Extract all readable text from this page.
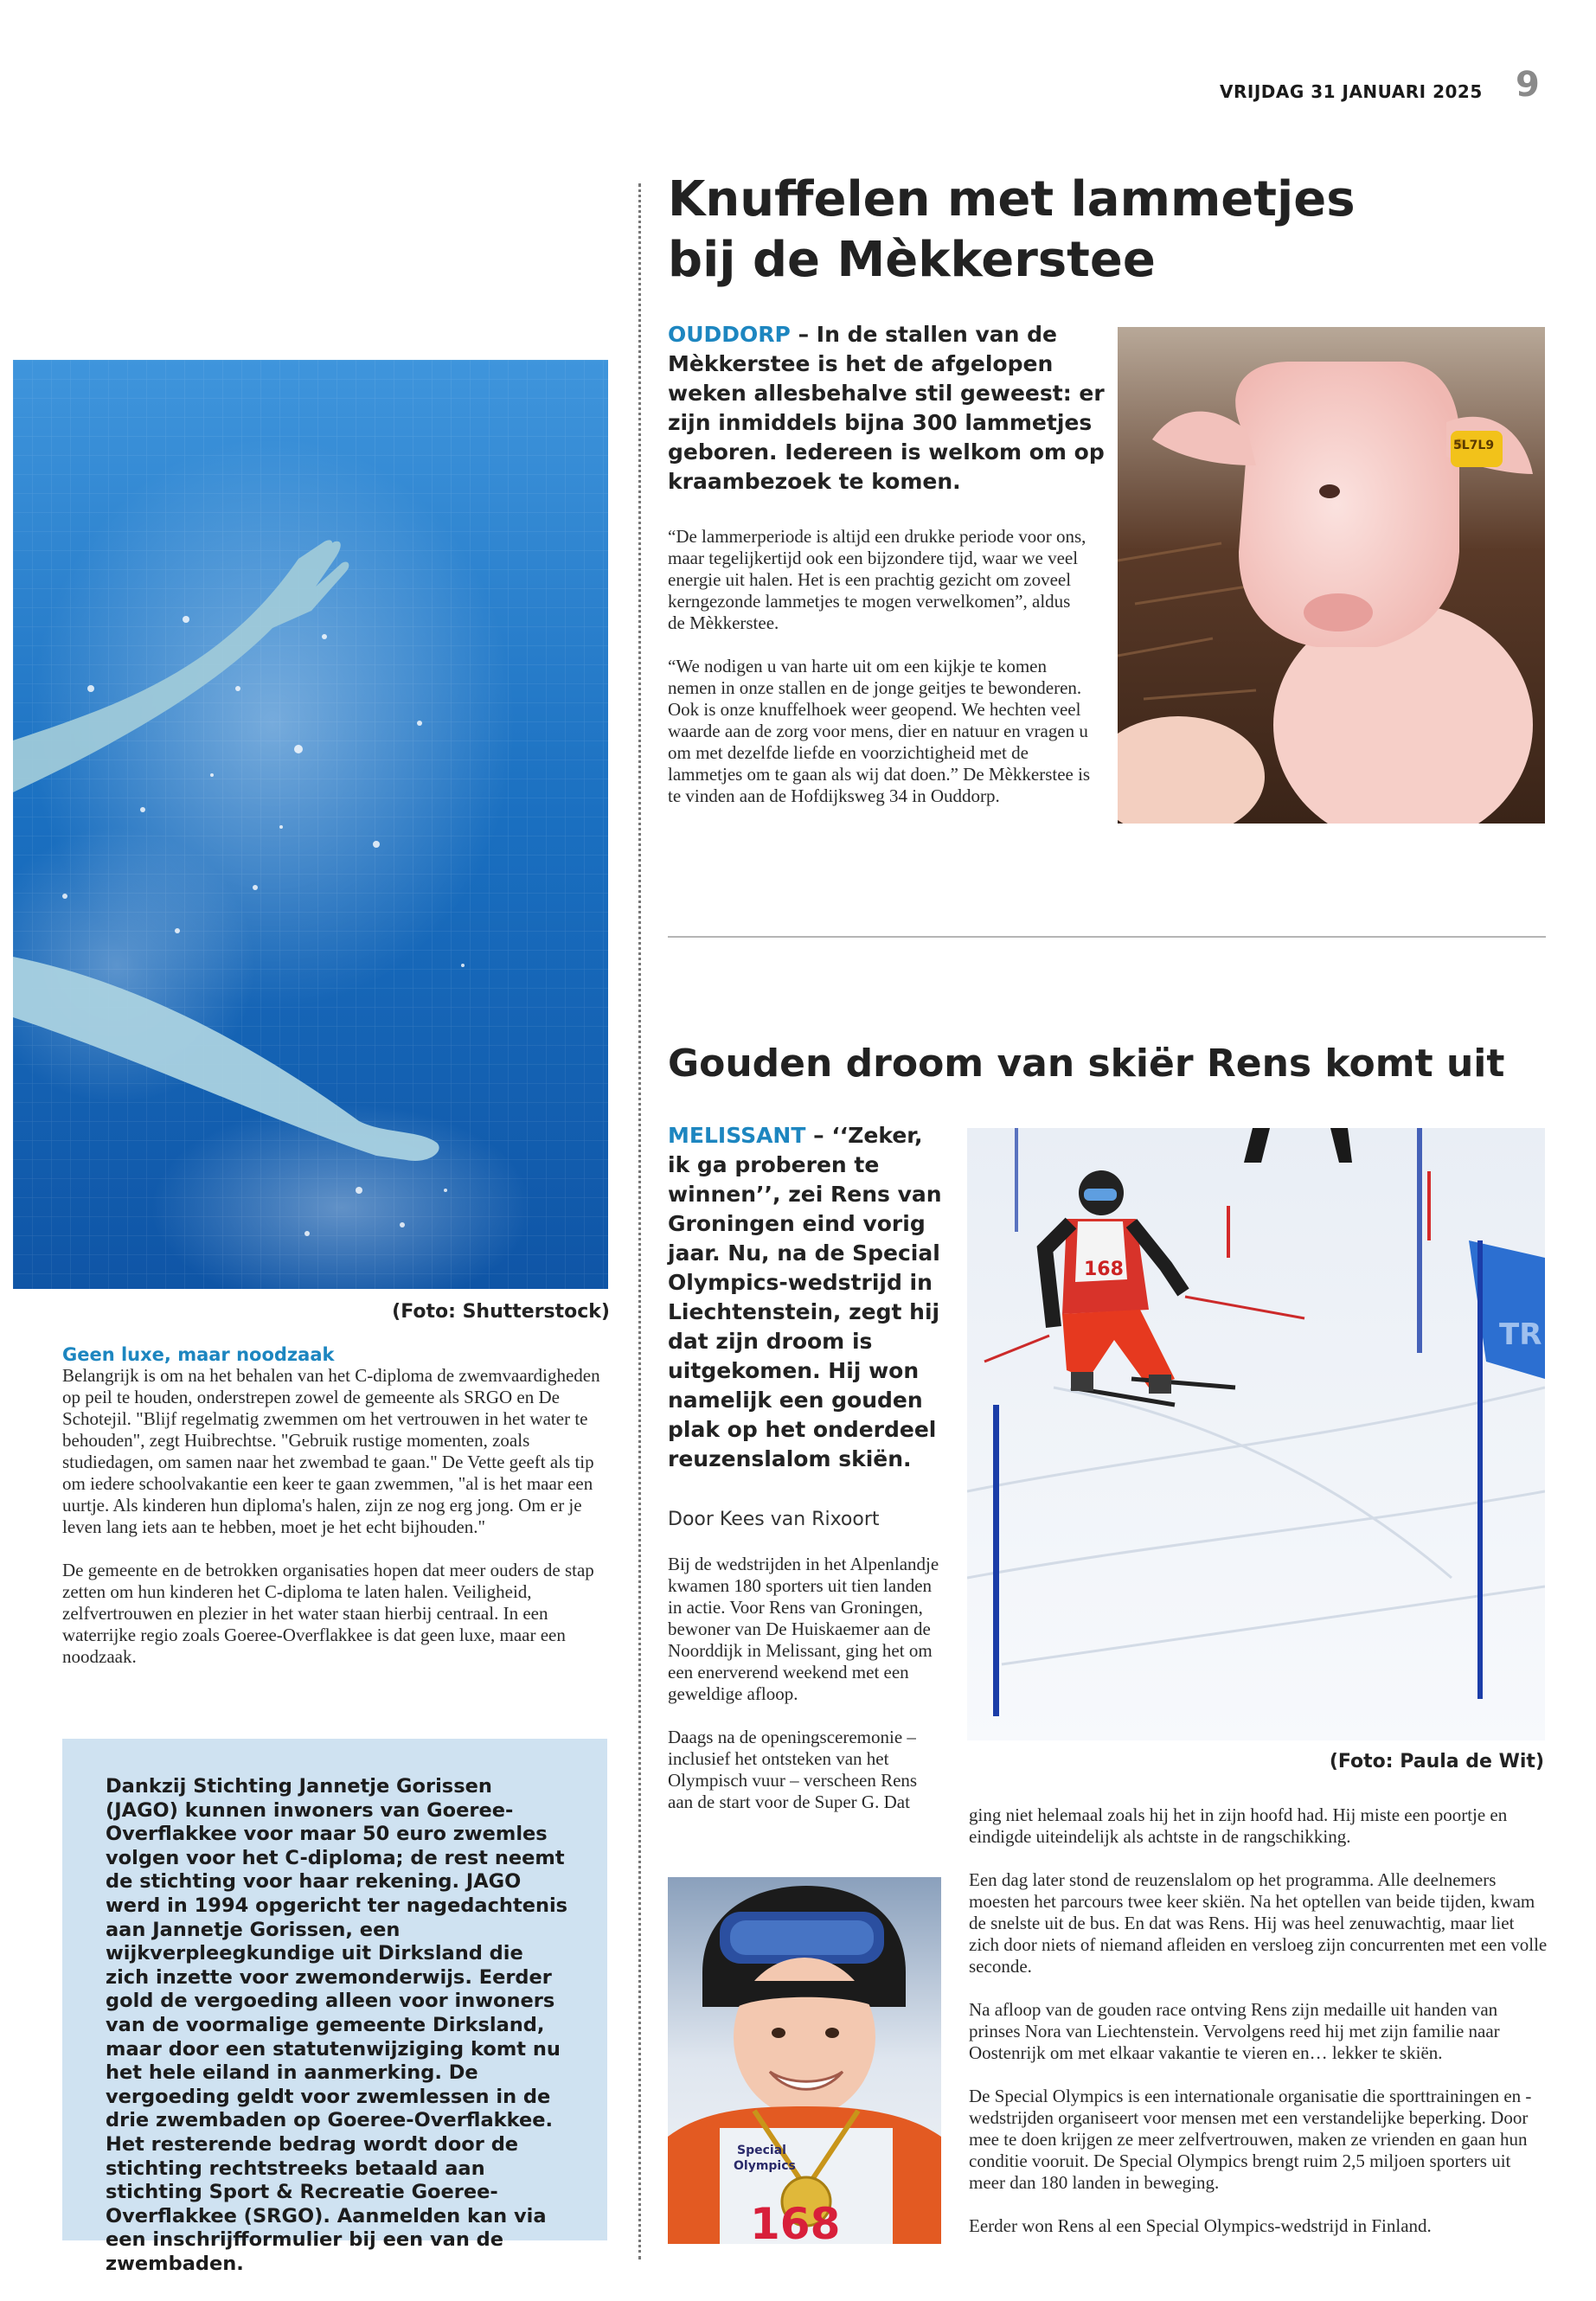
VRIJDAG 31 JANUARI 2025 9
(Foto: Shutterstock)

Belangrijk is om na het behalen van het C-diploma de zwemvaardigheden op peil te houden, onderstrepen zowel de gemeente als SRGO en De Schotejil. "Blijf regelmatig zwemmen om het vertrouwen in het water te behouden", zegt Huibrechtse. "Gebruik rustige momenten, zoals studiedagen, om samen naar het zwembad te gaan." De Vette geeft als tip om iedere schoolvakantie een keer te gaan zwemmen, "al is het maar een uurtje. Als kinderen hun diploma's halen, zijn ze nog erg jong. Om er je leven lang iets aan te hebben, moet je het echt bijhouden."

De gemeente en de betrokken organisaties hopen dat meer ouders de stap zetten om hun kinderen het C-diploma te laten halen. Veiligheid, zelfvertrouwen en plezier in het water staan hierbij centraal. In een waterrijke regio zoals Goeree-Overflakkee is dat geen luxe, maar een noodzaak.

Geen luxe, maar noodzaak

Dankzij Stichting Jannetje Gorissen (JAGO) kunnen inwoners van Goeree-Overflakkee voor maar 50 euro zwemles volgen voor het C-diploma; de rest neemt de stichting voor haar rekening. JAGO werd in 1994 opgericht ter nagedachtenis aan Jannetje Gorissen, een wijkverpleegkundige uit Dirksland die zich inzette voor zwemonderwijs. Eerder gold de vergoeding alleen voor inwoners van de voormalige gemeente Dirksland, maar door een statutenwijziging komt nu het hele eiland in aanmerking. De vergoeding geldt voor zwemlessen in de drie zwembaden op Goeree-Overflakkee. Het resterende bedrag wordt door de stichting rechtstreeks betaald aan stichting Sport & Recreatie Goeree-Overflakkee (SRGO). Aanmelden kan via een inschrijfformulier bij een van de zwembaden.

Knuffelen met lammetjes
bij de Mèkkerstee
OUDDORP – In de stallen van de Mèkkerstee is het de afgelopen weken allesbehalve stil geweest: er zijn inmiddels bijna 300 lammetjes geboren. Iedereen is welkom om op kraambezoek te komen.

“De lammerperiode is altijd een drukke periode voor ons, maar tegelijkertijd ook een bijzondere tijd, waar we veel energie uit halen. Het is een prachtig gezicht om zoveel kerngezonde lammetjes te mogen verwelkomen”, aldus de Mèkkerstee.

“We nodigen u van harte uit om een kijkje te komen nemen in onze stallen en de jonge geitjes te bewonderen. Ook is onze knuffelhoek weer geopend. We hechten veel waarde aan de zorg voor mens, dier en natuur en vragen u om met dezelfde liefde en voorzichtigheid met de lammetjes om te gaan als wij dat doen.” De Mèkkerstee is te vinden aan de Hofdijksweg 34 in Ouddorp.

Gouden droom van skiër Rens komt uit
MELISSANT – ‘‘Zeker, ik ga proberen te winnen’’, zei Rens van Groningen eind vorig jaar. Nu, na de Special Olympics-wedstrijd in Liechtenstein, zegt hij dat zijn droom is uitgekomen. Hij won namelijk een gouden plak op het onderdeel reuzenslalom skiën.
Door Kees van Rixoort

Bij de wedstrijden in het Alpenlandje kwamen 180 sporters uit tien landen in actie. Voor Rens van Groningen, bewoner van De Huiskaemer aan de Noorddijk in Melissant, ging het om een enerverend weekend met een geweldige afloop.

Daags na de openingsceremonie – inclusief het ontsteken van het Olympisch vuur – verscheen Rens aan de start voor de Super G. Dat

TR
168
(Foto: Paula de Wit)
Special
Olympics
168

ging niet helemaal zoals hij het in zijn hoofd had. Hij miste een poortje en eindigde uiteindelijk als achtste in de rangschikking.

Een dag later stond de reuzenslalom op het programma. Alle deelnemers moesten het parcours twee keer skiën. Na het optellen van beide tijden, kwam de snelste uit de bus. En dat was Rens. Hij was heel zenuwachtig, maar liet zich door niets of niemand afleiden en versloeg zijn concurrenten met een volle seconde.

Na afloop van de gouden race ontving Rens zijn medaille uit handen van prinses Nora van Liechtenstein. Vervolgens reed hij met zijn familie naar Oostenrijk om met elkaar vakantie te vieren en… lekker te skiën.

De Special Olympics is een internationale organisatie die sporttrainingen en -wedstrijden organiseert voor mensen met een verstandelijke beperking. Door mee te doen krijgen ze meer zelfvertrouwen, maken ze vrienden en gaan hun conditie vooruit. De Special Olympics brengt ruim 2,5 miljoen sporters uit meer dan 180 landen in beweging.

Eerder won Rens al een Special Olympics-wedstrijd in Finland.

5L7L9
